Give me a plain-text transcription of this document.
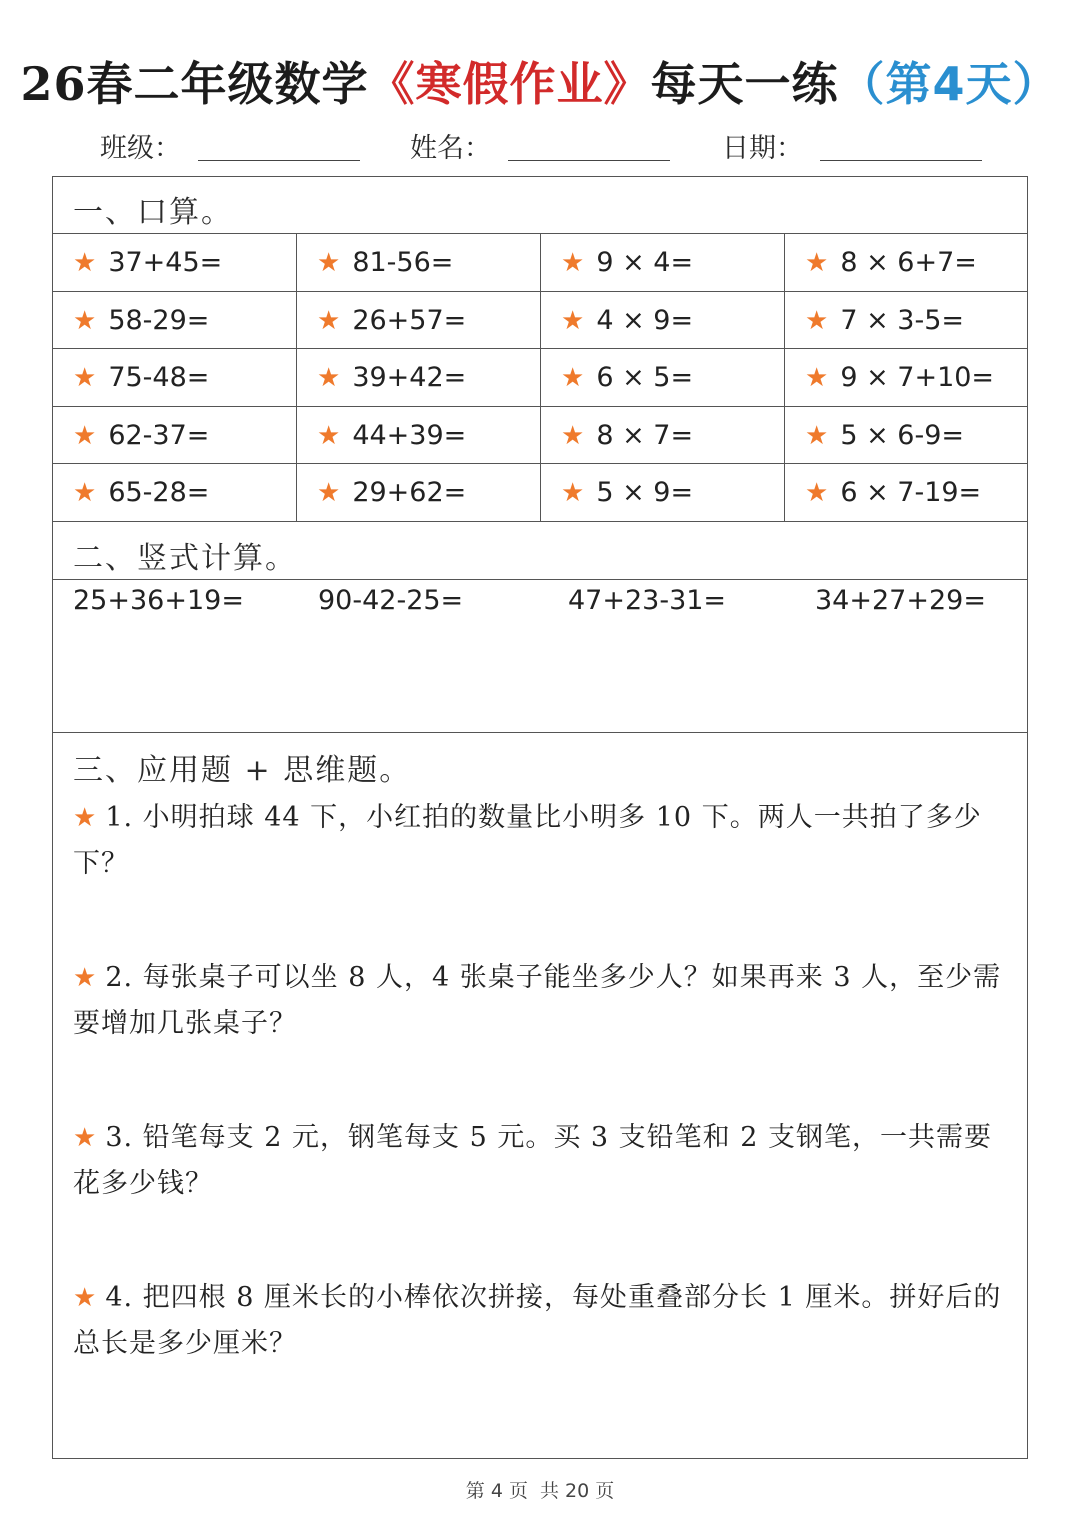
26春二年级数学《寒假作业》每天一练（第4天）
班级：	姓名：	日期：
一、口算。
★ 37+45=	★ 81-56=	★ 9 × 4=	★ 8 × 6+7=
★ 58-29=	★ 26+57=	★ 4 × 9=	★ 7 × 3-5=
★ 75-48=	★ 39+42=	★ 6 × 5=	★ 9 × 7+10=
★ 62-37=	★ 44+39=	★ 8 × 7=	★ 5 × 6-9=
★ 65-28=	★ 29+62=	★ 5 × 9=	★ 6 × 7-19=
二、竖式计算。
25+36+19=	90-42-25=	47+23-31=	34+27+29=
三、应用题 + 思维题。
★ 1. 小明拍球 44 下，小红拍的数量比小明多 10 下。两人一共拍了多少下？
★ 2. 每张桌子可以坐 8 人，4 张桌子能坐多少人？如果再来 3 人，至少需要增加几张桌子？
★ 3. 铅笔每支 2 元，钢笔每支 5 元。买 3 支铅笔和 2 支钢笔，一共需要花多少钱？
★ 4. 把四根 8 厘米长的小棒依次拼接，每处重叠部分长 1 厘米。拼好后的总长是多少厘米？
第 4 页 共 20 页
